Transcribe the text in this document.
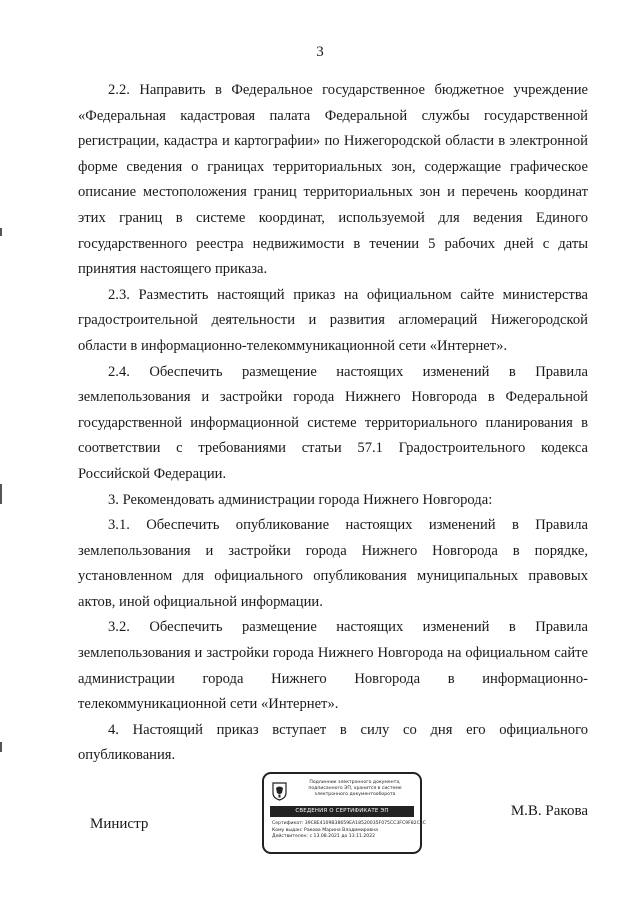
3

2.2. Направить в Федеральное государственное бюджетное учреждение «Федеральная кадастровая палата Федеральной службы государственной регистрации, кадастра и картографии» по Нижегородской области в электронной форме сведения о границах территориальных зон, содержащие графическое описание местоположения границ территориальных зон и перечень координат этих границ в системе координат, используемой для ведения Единого государственного реестра недвижимости в течении 5 рабочих дней с даты принятия настоящего приказа.

2.3. Разместить настоящий приказ на официальном сайте министерства градостроительной деятельности и развития агломераций Нижегородской области в информационно-телекоммуникационной сети «Интернет».

2.4. Обеспечить размещение настоящих изменений в Правила землепользования и застройки города Нижнего Новгорода в Федеральной государственной информационной системе территориального планирования в соответствии с требованиями статьи 57.1 Градостроительного кодекса Российской Федерации.

3. Рекомендовать администрации города Нижнего Новгорода:

3.1. Обеспечить опубликование настоящих изменений в Правила землепользования и застройки города Нижнего Новгорода в порядке, установленном для официального опубликования муниципальных правовых актов, иной официальной информации.

3.2. Обеспечить размещение настоящих изменений в Правила землепользования и застройки города Нижнего Новгорода на официальном сайте администрации города Нижнего Новгорода в информационно-телекоммуникационной сети «Интернет».

4. Настоящий приказ вступает в силу со дня его официального опубликования.

Министр
М.В. Ракова
Подлинник электронного документа, подписанного ЭП, хранится в системе электронного документооборота
СВЕДЕНИЯ О СЕРТИФИКАТЕ ЭП
Сертификат: 39C8E4109B38659EA18520035F075CC3FC9F82C3C
Кому выдан: Ракова Марина Владимировна
Действителен: с 13.08.2021 до 13.11.2022
